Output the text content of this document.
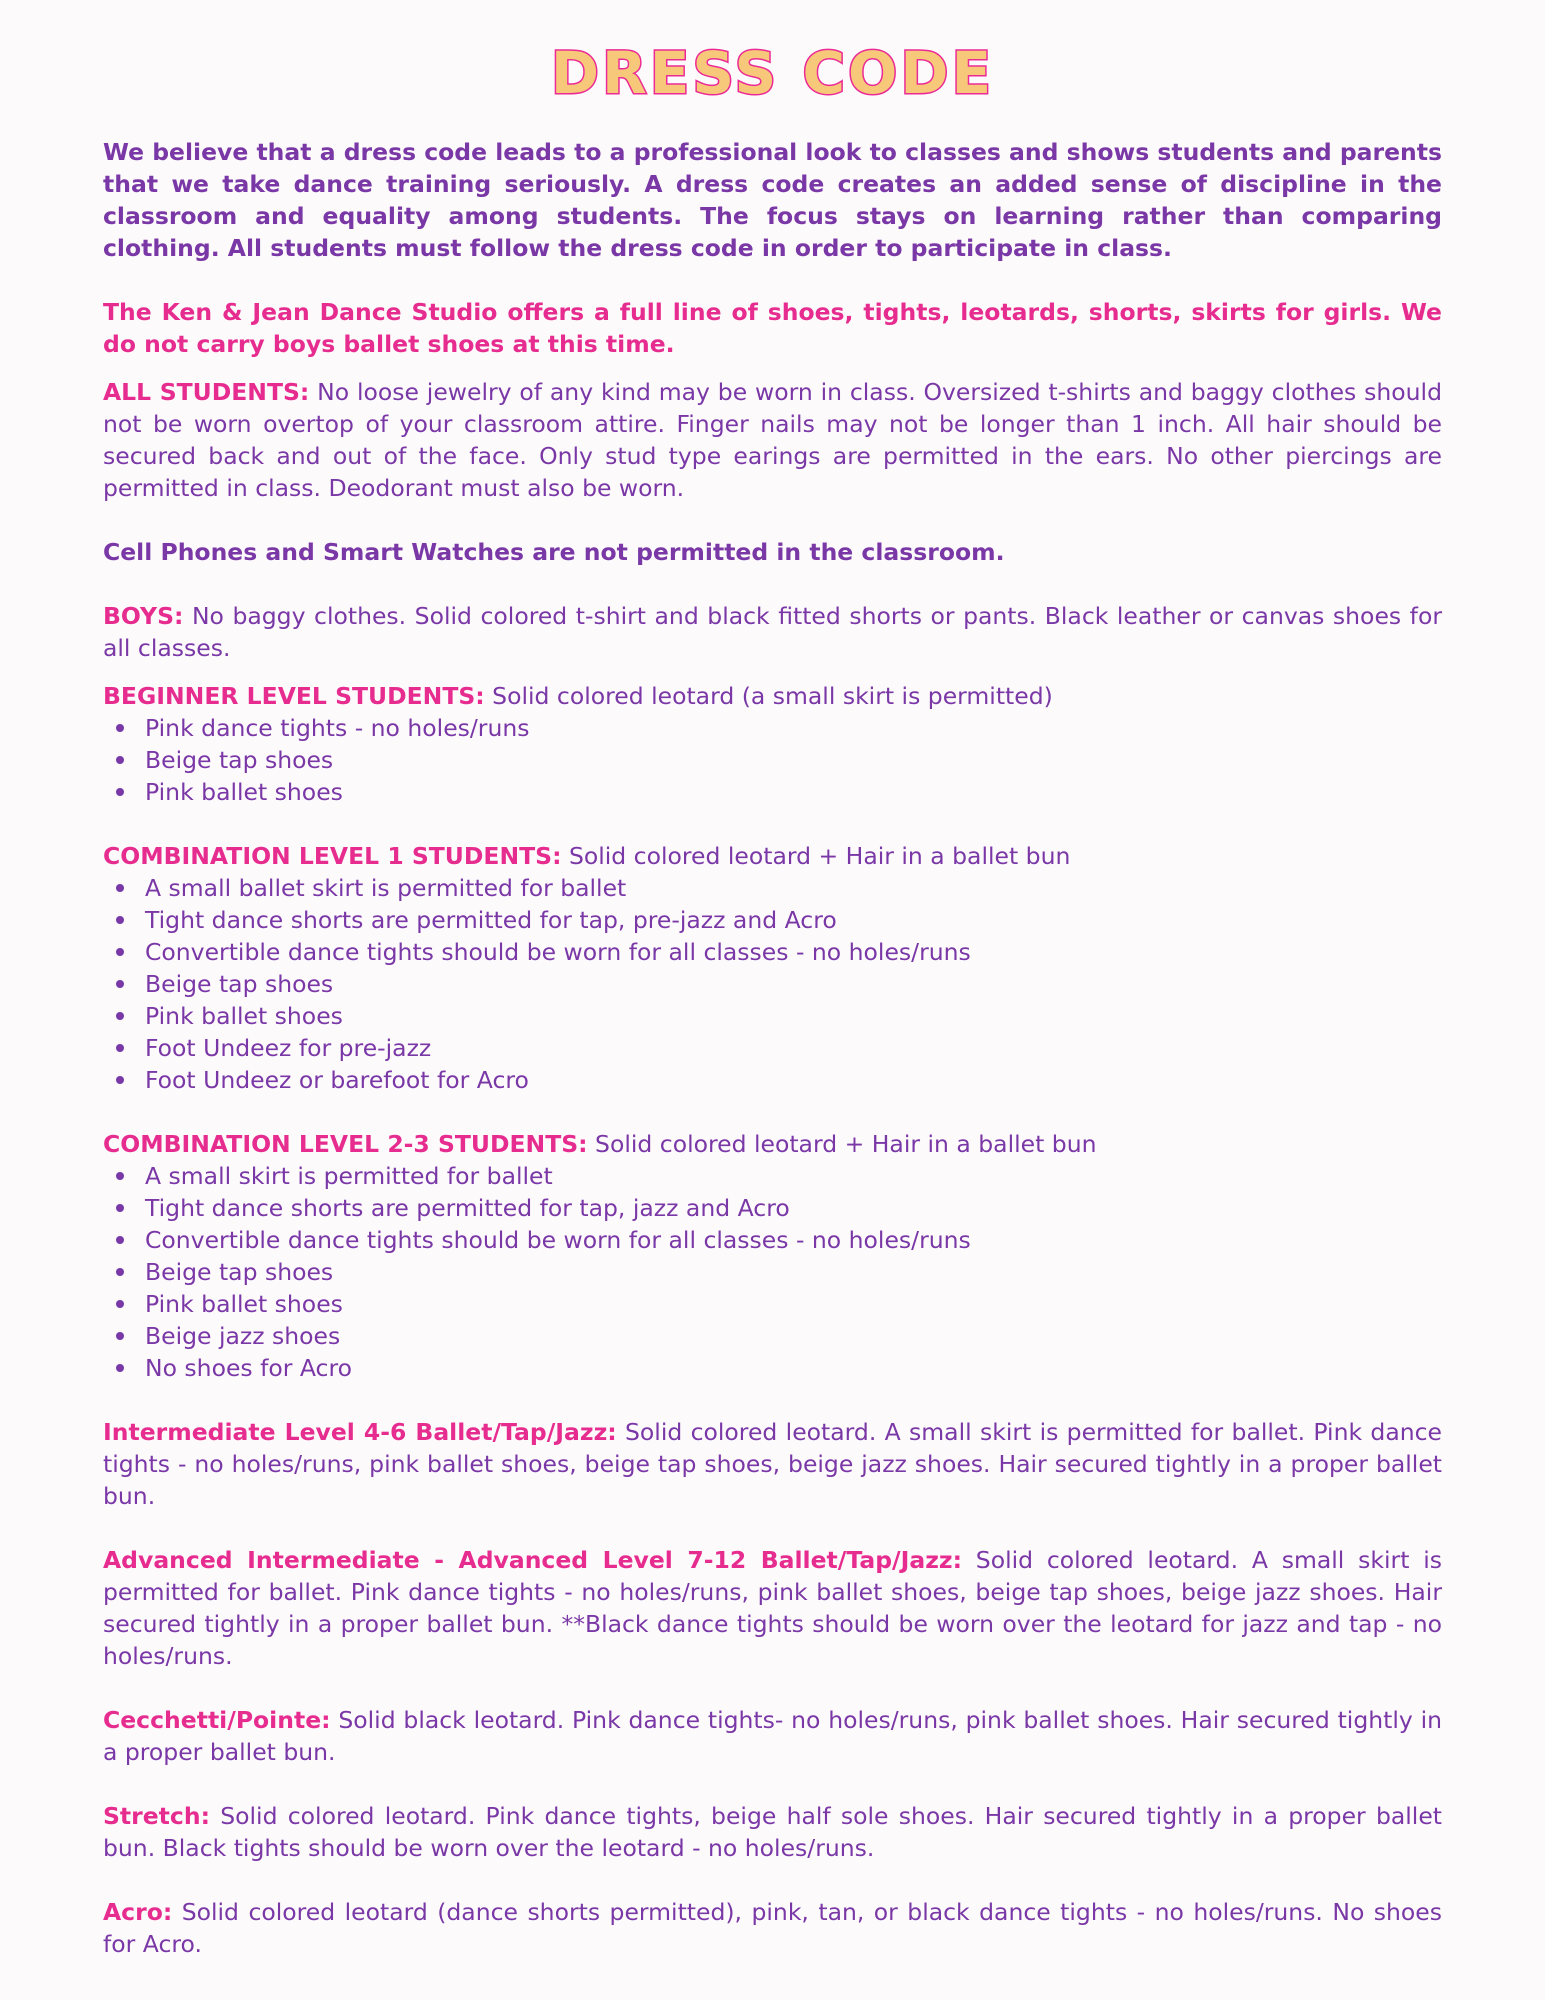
DRESS CODE

We believe that a dress code leads to a professional look to classes and shows students and parents that we take dance training seriously. A dress code creates an added sense of discipline in the classroom and equality among students. The focus stays on learning rather than comparing clothing. All students must follow the dress code in order to participate in class.

The Ken & Jean Dance Studio offers a full line of shoes, tights, leotards, shorts, skirts for girls. We do not carry boys ballet shoes at this time.

ALL STUDENTS: No loose jewelry of any kind may be worn in class. Oversized t-shirts and baggy clothes should not be worn overtop of your classroom attire. Finger nails may not be longer than 1 inch. All hair should be secured back and out of the face. Only stud type earings are permitted in the ears. No other piercings are permitted in class. Deodorant must also be worn.

Cell Phones and Smart Watches are not permitted in the classroom.

BOYS: No baggy clothes. Solid colored t-shirt and black fitted shorts or pants. Black leather or canvas shoes for all classes.

BEGINNER LEVEL STUDENTS: Solid colored leotard (a small skirt is permitted)

Pink dance tights - no holes/runs
Beige tap shoes
Pink ballet shoes

COMBINATION LEVEL 1 STUDENTS: Solid colored leotard + Hair in a ballet bun

A small ballet skirt is permitted for ballet
Tight dance shorts are permitted for tap, pre-jazz and Acro
Convertible dance tights should be worn for all classes - no holes/runs
Beige tap shoes
Pink ballet shoes
Foot Undeez for pre-jazz
Foot Undeez or barefoot for Acro

COMBINATION LEVEL 2-3 STUDENTS: Solid colored leotard + Hair in a ballet bun

A small skirt is permitted for ballet
Tight dance shorts are permitted for tap, jazz and Acro
Convertible dance tights should be worn for all classes - no holes/runs
Beige tap shoes
Pink ballet shoes
Beige jazz shoes
No shoes for Acro

Intermediate Level 4-6 Ballet/Tap/Jazz: Solid colored leotard. A small skirt is permitted for ballet. Pink dance tights - no holes/runs, pink ballet shoes, beige tap shoes, beige jazz shoes. Hair secured tightly in a proper ballet bun.

Advanced Intermediate - Advanced Level 7-12 Ballet/Tap/Jazz: Solid colored leotard. A small skirt is permitted for ballet. Pink dance tights - no holes/runs, pink ballet shoes, beige tap shoes, beige jazz shoes. Hair secured tightly in a proper ballet bun. **Black dance tights should be worn over the leotard for jazz and tap - no holes/runs.

Cecchetti/Pointe: Solid black leotard. Pink dance tights- no holes/runs, pink ballet shoes. Hair secured tightly in a proper ballet bun.

Stretch: Solid colored leotard. Pink dance tights, beige half sole shoes. Hair secured tightly in a proper ballet bun. Black tights should be worn over the leotard - no holes/runs.

Acro: Solid colored leotard (dance shorts permitted), pink, tan, or black dance tights - no holes/runs. No shoes for Acro.
